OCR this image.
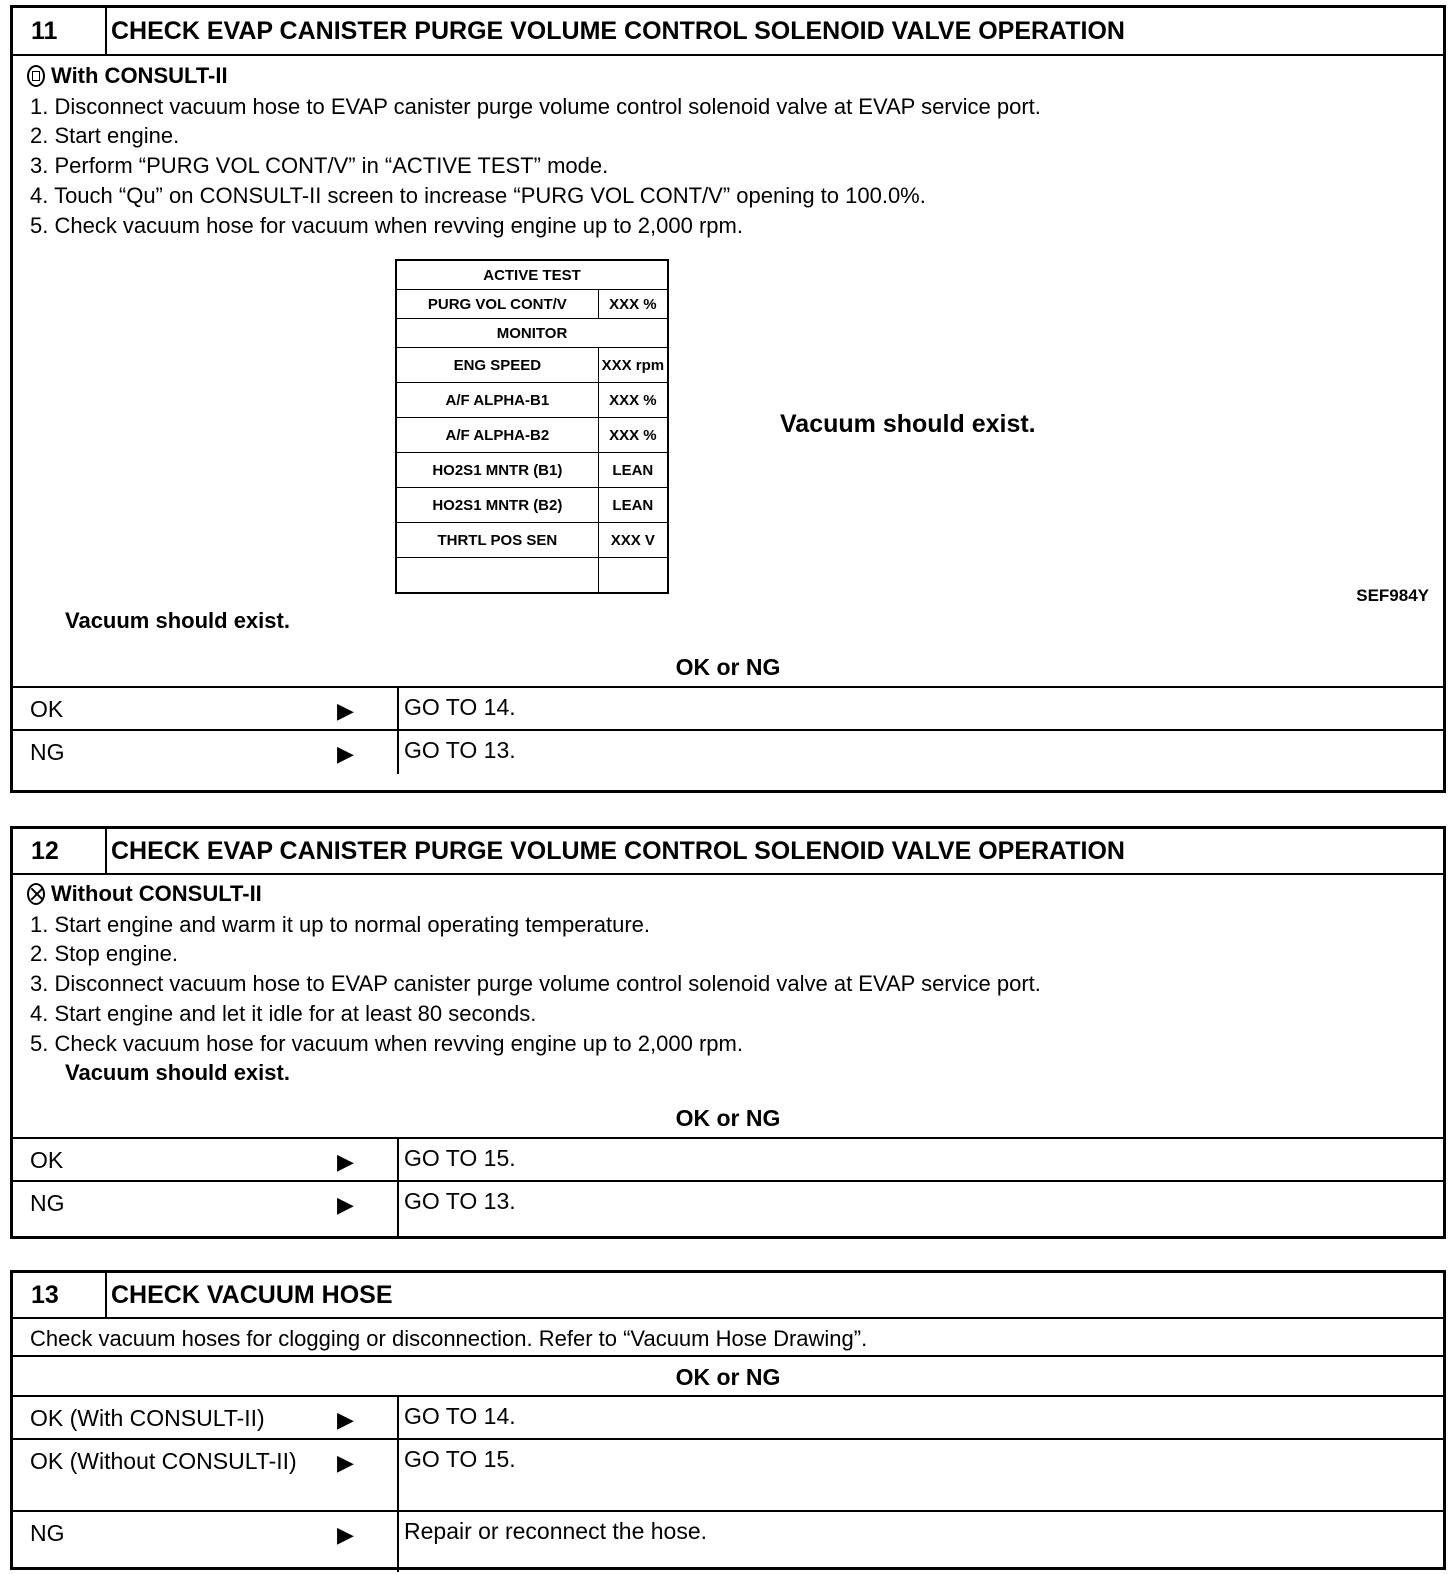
11 CHECK EVAP CANISTER PURGE VOLUME CONTROL SOLENOID VALVE OPERATION
With CONSULT-II
1. Disconnect vacuum hose to EVAP canister purge volume control solenoid valve at EVAP service port.
2. Start engine.
3. Perform “PURG VOL CONT/V” in “ACTIVE TEST” mode.
4. Touch “Qu” on CONSULT-II screen to increase “PURG VOL CONT/V” opening to 100.0%.
5. Check vacuum hose for vacuum when revving engine up to 2,000 rpm.
ACTIVE TEST	
PURG VOL CONT/V	XXX %
MONITOR	
ENG SPEED	XXX rpm
A/F ALPHA-B1	XXX %
A/F ALPHA-B2	XXX %
HO2S1 MNTR (B1)	LEAN
HO2S1 MNTR (B2)	LEAN
THRTL POS SEN	XXX V

Vacuum should exist.
SEF984Y
Vacuum should exist.
OK or NG
OK	▶ GO TO 14.
NG	▶ GO TO 13.
12 CHECK EVAP CANISTER PURGE VOLUME CONTROL SOLENOID VALVE OPERATION
Without CONSULT-II
1. Start engine and warm it up to normal operating temperature.
2. Stop engine.
3. Disconnect vacuum hose to EVAP canister purge volume control solenoid valve at EVAP service port.
4. Start engine and let it idle for at least 80 seconds.
5. Check vacuum hose for vacuum when revving engine up to 2,000 rpm.
Vacuum should exist.
OK or NG
OK	▶ GO TO 15.
NG	▶ GO TO 13.
13 CHECK VACUUM HOSE
Check vacuum hoses for clogging or disconnection. Refer to “Vacuum Hose Drawing”.
OK or NG
OK (With CONSULT-II)	▶ GO TO 14.
OK (Without CONSULT-II)	▶ GO TO 15.
NG	▶ Repair or reconnect the hose.
